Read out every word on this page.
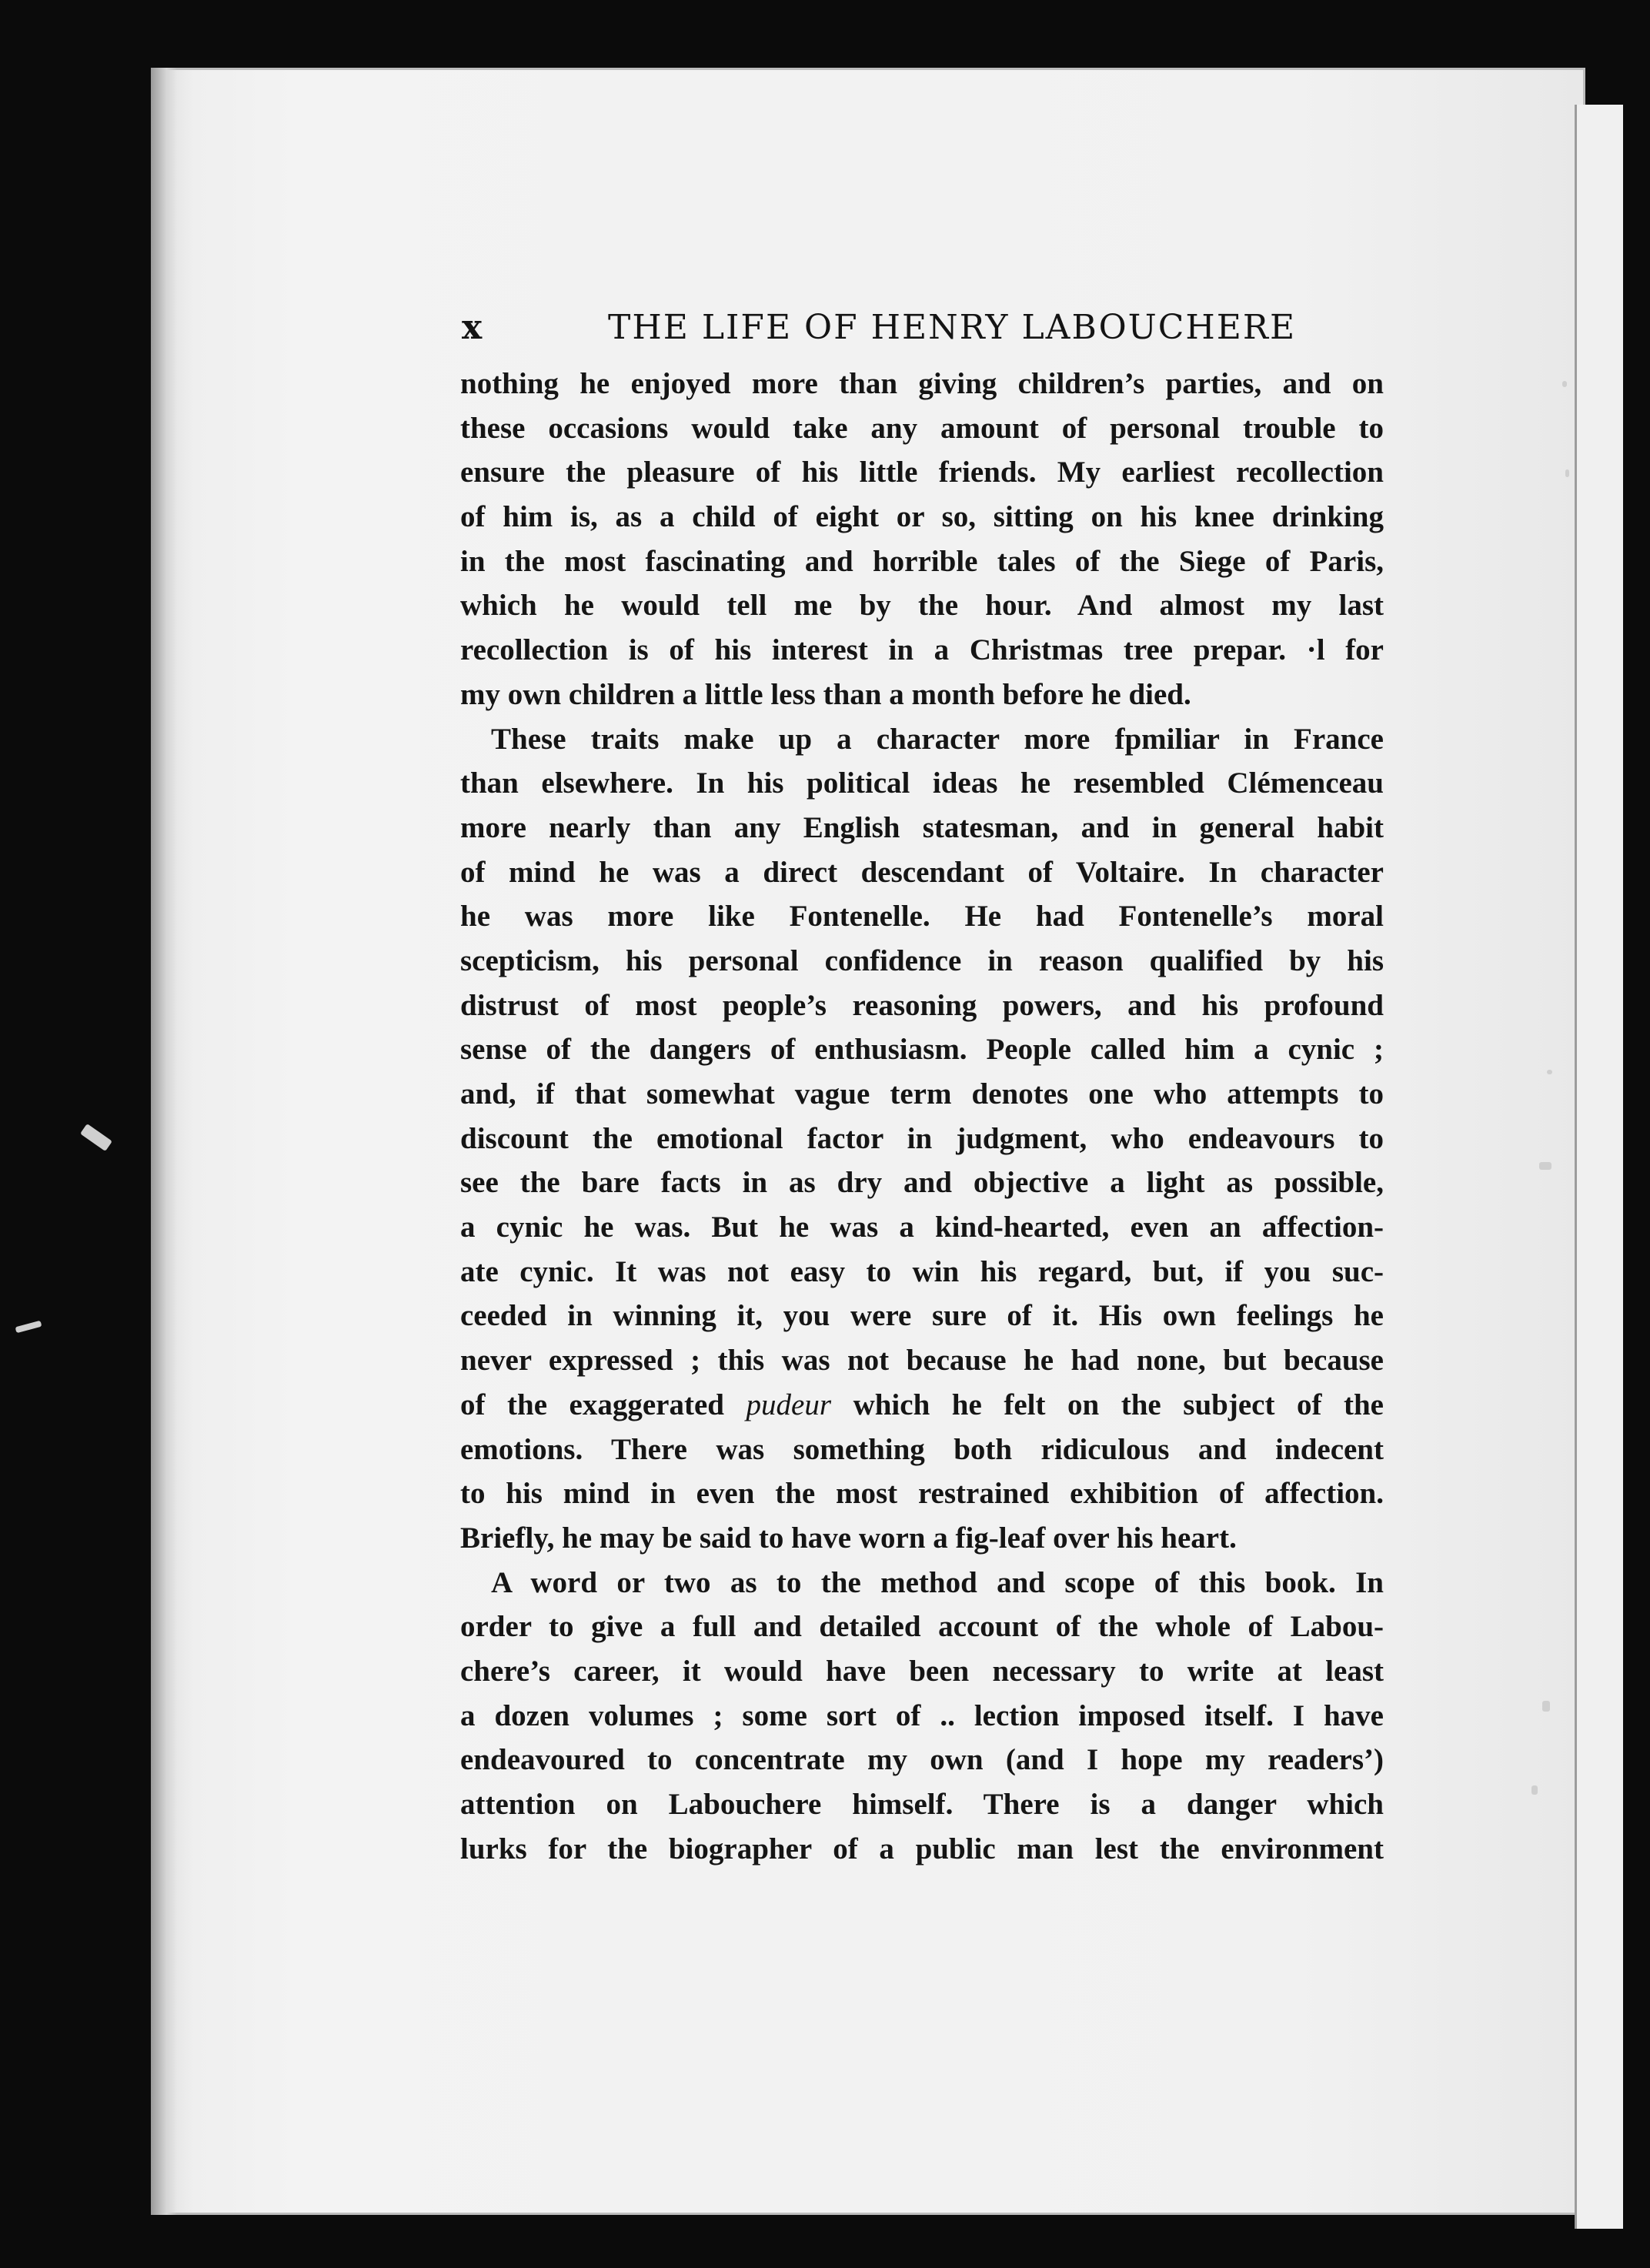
x	THE LIFE OF HENRY LABOUCHERE
nothing he enjoyed more than giving children’s parties, and on
these occasions would take any amount of personal trouble to
ensure the pleasure of his little friends. My earliest recollection
of him is, as a child of eight or so, sitting on his knee drinking
in the most fascinating and horrible tales of the Siege of Paris,
which he would tell me by the hour. And almost my last
recollection is of his interest in a Christmas tree prepar. ·l for
my own children a little less than a month before he died.
These traits make up a character more fpmiliar in France
than elsewhere. In his political ideas he resembled Clémenceau
more nearly than any English statesman, and in general habit
of mind he was a direct descendant of Voltaire. In character
he was more like Fontenelle. He had Fontenelle’s moral
scepticism, his personal confidence in reason qualified by his
distrust of most people’s reasoning powers, and his profound
sense of the dangers of enthusiasm. People called him a cynic ;
and, if that somewhat vague term denotes one who attempts to
discount the emotional factor in judgment, who endeavours to
see the bare facts in as dry and objective a light as possible,
a cynic he was. But he was a kind-hearted, even an affection-
ate cynic. It was not easy to win his regard, but, if you suc-
ceeded in winning it, you were sure of it. His own feelings he
never expressed ; this was not because he had none, but because
of the exaggerated pudeur which he felt on the subject of the
emotions. There was something both ridiculous and indecent
to his mind in even the most restrained exhibition of affection.
Briefly, he may be said to have worn a fig-leaf over his heart.
A word or two as to the method and scope of this book. In
order to give a full and detailed account of the whole of Labou-
chere’s career, it would have been necessary to write at least
a dozen volumes ; some sort of .. lection imposed itself. I have
endeavoured to concentrate my own (and I hope my readers’)
attention on Labouchere himself. There is a danger which
lurks for the biographer of a public man lest the environment
